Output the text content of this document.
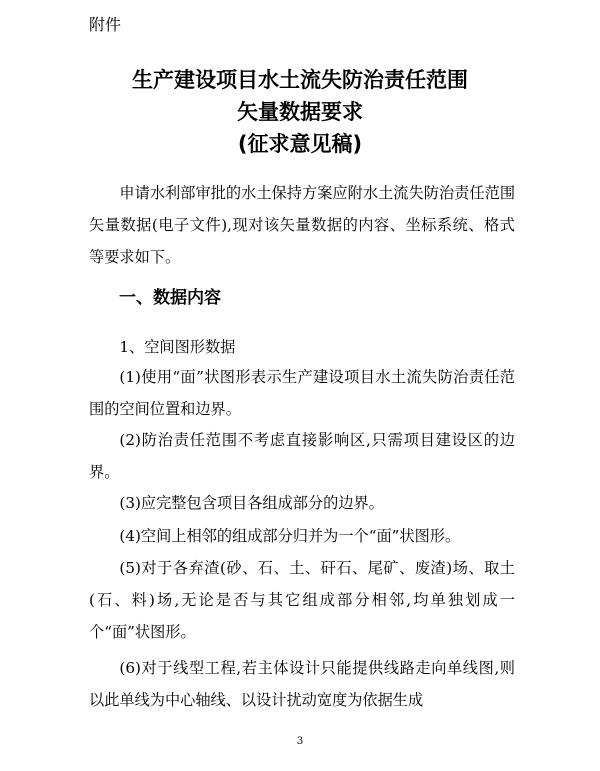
附件
生产建设项目水土流失防治责任范围
矢量数据要求
(征求意见稿)
申请水利部审批的水土保持方案应附水土流失防治责任范围矢量数据(电子文件),现对该矢量数据的内容、坐标系统、格式等要求如下。
一、数据内容
1、空间图形数据
(1)使用“面”状图形表示生产建设项目水土流失防治责任范围的空间位置和边界。
(2)防治责任范围不考虑直接影响区,只需项目建设区的边界。
(3)应完整包含项目各组成部分的边界。
(4)空间上相邻的组成部分归并为一个“面”状图形。
(5)对于各弃渣(砂、石、土、矸石、尾矿、废渣)场、取土(石、料)场,无论是否与其它组成部分相邻,均单独划成一个“面”状图形。
(6)对于线型工程,若主体设计只能提供线路走向单线图,则以此单线为中心轴线、以设计扰动宽度为依据生成
3
